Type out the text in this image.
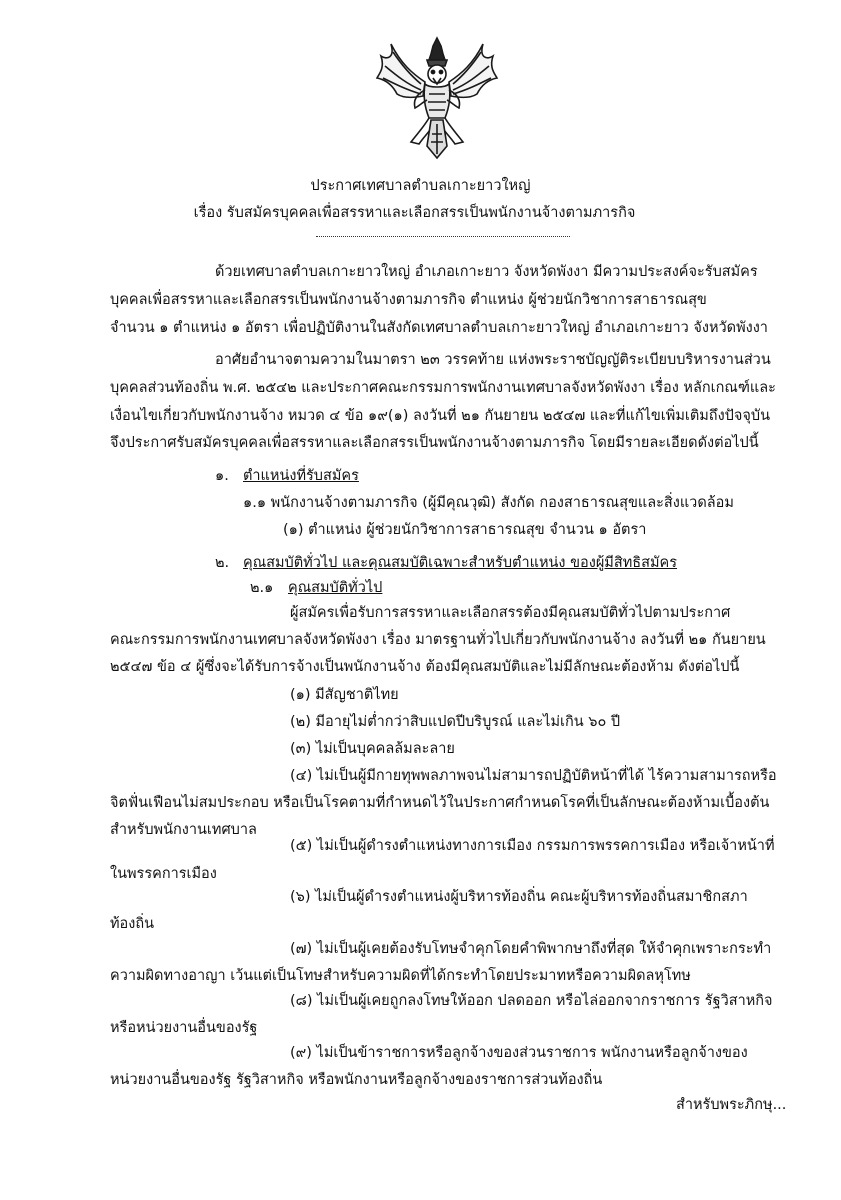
ประกาศเทศบาลตำบลเกาะยาวใหญ่
เรื่อง รับสมัครบุคคลเพื่อสรรหาและเลือกสรรเป็นพนักงานจ้างตามภารกิจ
ด้วยเทศบาลตำบลเกาะยาวใหญ่ อำเภอเกาะยาว จังหวัดพังงา มีความประสงค์จะรับสมัคร
บุคคลเพื่อสรรหาและเลือกสรรเป็นพนักงานจ้างตามภารกิจ ตำแหน่ง ผู้ช่วยนักวิชาการสาธารณสุข
จำนวน ๑ ตำแหน่ง ๑ อัตรา เพื่อปฏิบัติงานในสังกัดเทศบาลตำบลเกาะยาวใหญ่ อำเภอเกาะยาว จังหวัดพังงา
อาศัยอำนาจตามความในมาตรา ๒๓ วรรคท้าย แห่งพระราชบัญญัติระเบียบบริหารงานส่วน
บุคคลส่วนท้องถิ่น พ.ศ. ๒๕๔๒ และประกาศคณะกรรมการพนักงานเทศบาลจังหวัดพังงา เรื่อง หลักเกณฑ์และ
เงื่อนไขเกี่ยวกับพนักงานจ้าง หมวด ๔ ข้อ ๑๙(๑) ลงวันที่ ๒๑ กันยายน ๒๕๔๗ และที่แก้ไขเพิ่มเติมถึงปัจจุบัน
จึงประกาศรับสมัครบุคคลเพื่อสรรหาและเลือกสรรเป็นพนักงานจ้างตามภารกิจ โดยมีรายละเอียดดังต่อไปนี้
๑. ตำแหน่งที่รับสมัคร
๑.๑ พนักงานจ้างตามภารกิจ (ผู้มีคุณวุฒิ) สังกัด กองสาธารณสุขและสิ่งแวดล้อม
(๑) ตำแหน่ง ผู้ช่วยนักวิชาการสาธารณสุข จำนวน ๑ อัตรา
๒. คุณสมบัติทั่วไป และคุณสมบัติเฉพาะสำหรับตำแหน่ง ของผู้มีสิทธิสมัคร
๒.๑ คุณสมบัติทั่วไป
ผู้สมัครเพื่อรับการสรรหาและเลือกสรรต้องมีคุณสมบัติทั่วไปตามประกาศ
คณะกรรมการพนักงานเทศบาลจังหวัดพังงา เรื่อง มาตรฐานทั่วไปเกี่ยวกับพนักงานจ้าง ลงวันที่ ๒๑ กันยายน
๒๕๔๗ ข้อ ๔ ผู้ซึ่งจะได้รับการจ้างเป็นพนักงานจ้าง ต้องมีคุณสมบัติและไม่มีลักษณะต้องห้าม ดังต่อไปนี้
(๑) มีสัญชาติไทย
(๒) มีอายุไม่ต่ำกว่าสิบแปดปีบริบูรณ์ และไม่เกิน ๖๐ ปี
(๓) ไม่เป็นบุคคลล้มละลาย
(๔) ไม่เป็นผู้มีกายทุพพลภาพจนไม่สามารถปฏิบัติหน้าที่ได้ ไร้ความสามารถหรือ
จิตฟั่นเฟือนไม่สมประกอบ หรือเป็นโรคตามที่กำหนดไว้ในประกาศกำหนดโรคที่เป็นลักษณะต้องห้ามเบื้องต้น
สำหรับพนักงานเทศบาล
(๕) ไม่เป็นผู้ดำรงตำแหน่งทางการเมือง กรรมการพรรคการเมือง หรือเจ้าหน้าที่
ในพรรคการเมือง
(๖) ไม่เป็นผู้ดำรงตำแหน่งผู้บริหารท้องถิ่น คณะผู้บริหารท้องถิ่นสมาชิกสภา
ท้องถิ่น
(๗) ไม่เป็นผู้เคยต้องรับโทษจำคุกโดยคำพิพากษาถึงที่สุด ให้จำคุกเพราะกระทำ
ความผิดทางอาญา เว้นแต่เป็นโทษสำหรับความผิดที่ได้กระทำโดยประมาทหรือความผิดลหุโทษ
(๘) ไม่เป็นผู้เคยถูกลงโทษให้ออก ปลดออก หรือไล่ออกจากราชการ รัฐวิสาหกิจ
หรือหน่วยงานอื่นของรัฐ
(๙) ไม่เป็นข้าราชการหรือลูกจ้างของส่วนราชการ พนักงานหรือลูกจ้างของ
หน่วยงานอื่นของรัฐ รัฐวิสาหกิจ หรือพนักงานหรือลูกจ้างของราชการส่วนท้องถิ่น
สำหรับพระภิกษุ...
